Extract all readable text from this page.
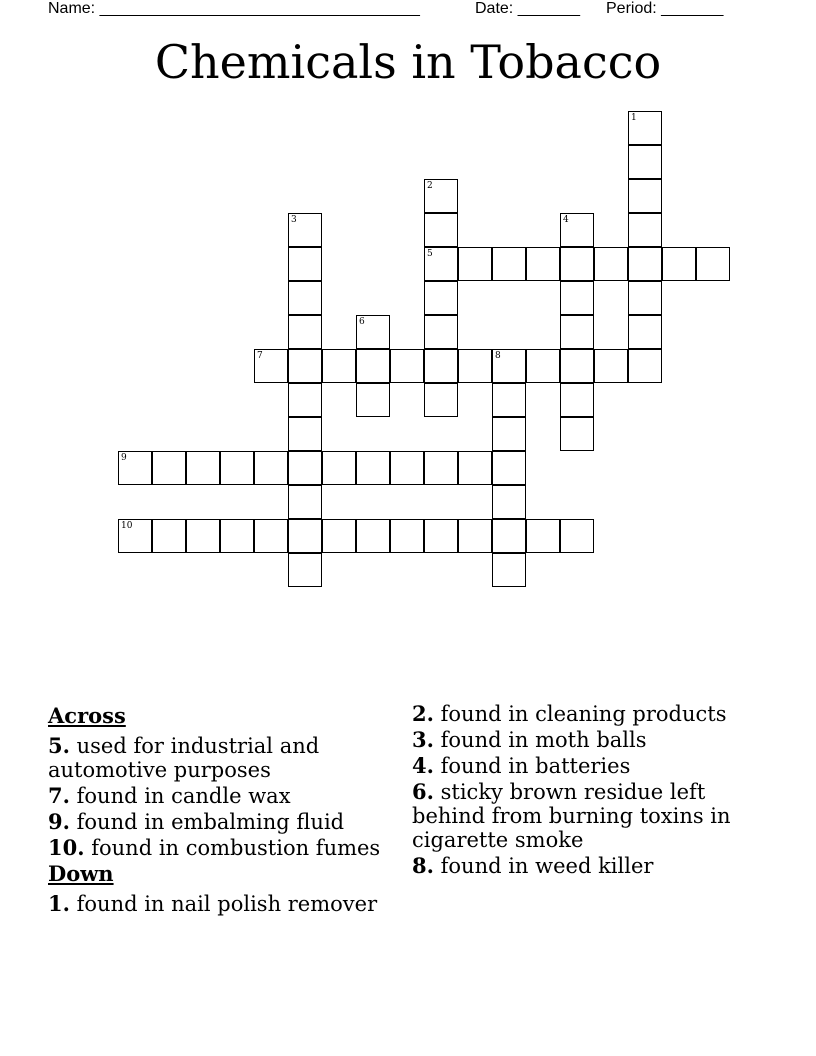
Name: ____________________________________	Date: _______ Period: _______
Chemicals in Tobacco
1
2
5
3	4
6
7	8
9
10
Across
5. used for industrial and automotive purposes
7. found in candle wax
9. found in embalming fluid
10. found in combustion fumes
Down
1. found in nail polish remover
2. found in cleaning products
3. found in moth balls
4. found in batteries
6. sticky brown residue left behind from burning toxins in cigarette smoke
8. found in weed killer
